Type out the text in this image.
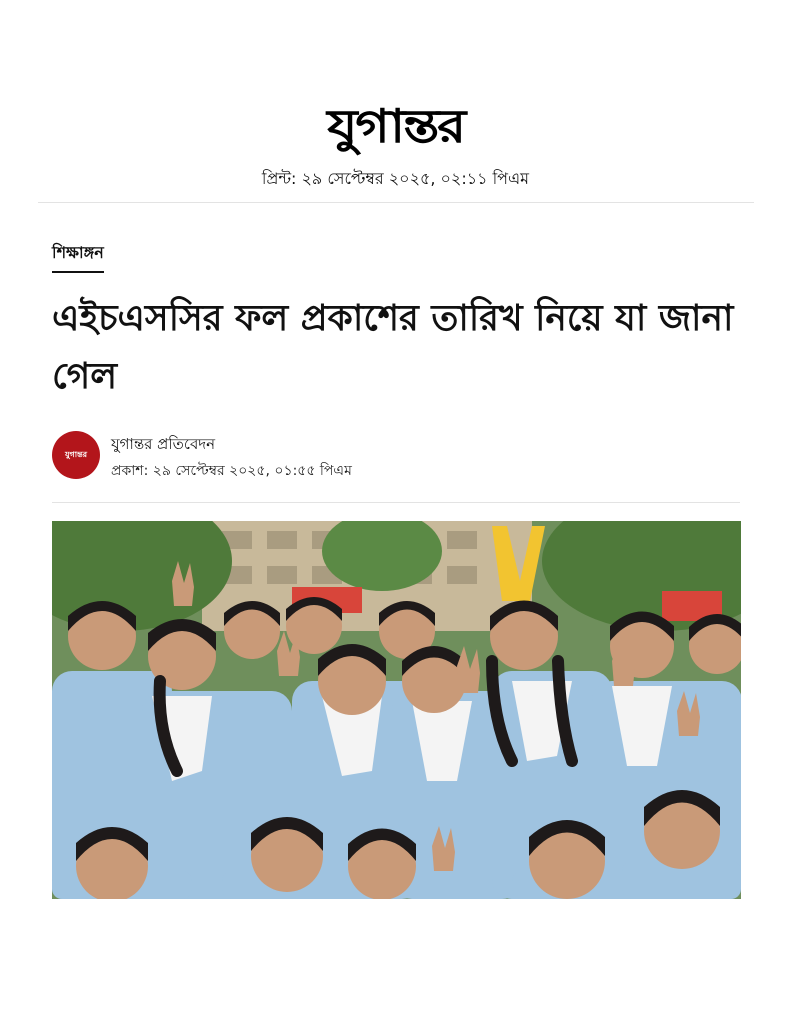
যুগান্তর
প্রিন্ট: ২৯ সেপ্টেম্বর ২০২৫, ০২:১১ পিএম
শিক্ষাঙ্গন
এইচএসসির ফল প্রকাশের তারিখ নিয়ে যা জানা গেল
যুগান্তর
যুগান্তর প্রতিবেদন
প্রকাশ: ২৯ সেপ্টেম্বর ২০২৫, ০১:৫৫ পিএম
